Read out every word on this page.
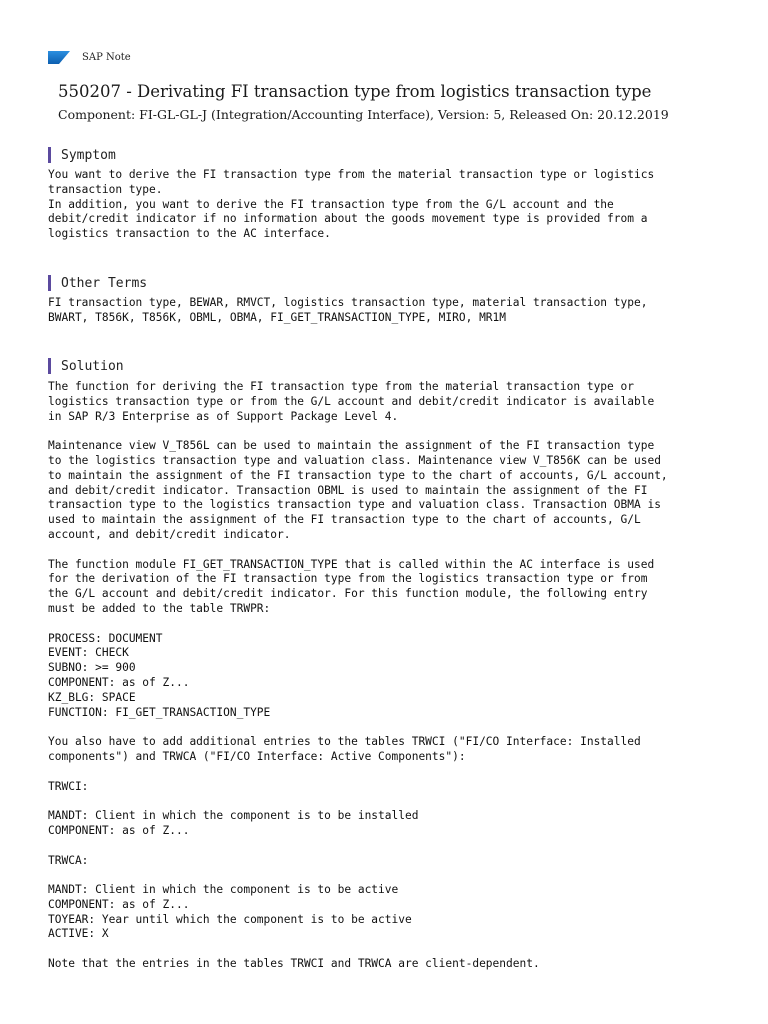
SAP Note
550207 - Derivating FI transaction type from logistics transaction type
Component: FI-GL-GL-J (Integration/Accounting Interface), Version: 5, Released On: 20.12.2019
Symptom
You want to derive the FI transaction type from the material transaction type or logistics
transaction type.
In addition, you want to derive the FI transaction type from the G/L account and the
debit/credit indicator if no information about the goods movement type is provided from a
logistics transaction to the AC interface.
Other Terms
FI transaction type, BEWAR, RMVCT, logistics transaction type, material transaction type,
BWART, T856K, T856K, OBML, OBMA, FI_GET_TRANSACTION_TYPE, MIRO, MR1M
Solution
The function for deriving the FI transaction type from the material transaction type or
logistics transaction type or from the G/L account and debit/credit indicator is available
in SAP R/3 Enterprise as of Support Package Level 4.
Maintenance view V_T856L can be used to maintain the assignment of the FI transaction type
to the logistics transaction type and valuation class. Maintenance view V_T856K can be used
to maintain the assignment of the FI transaction type to the chart of accounts, G/L account,
and debit/credit indicator. Transaction OBML is used to maintain the assignment of the FI
transaction type to the logistics transaction type and valuation class. Transaction OBMA is
used to maintain the assignment of the FI transaction type to the chart of accounts, G/L
account, and debit/credit indicator.
The function module FI_GET_TRANSACTION_TYPE that is called within the AC interface is used
for the derivation of the FI transaction type from the logistics transaction type or from
the G/L account and debit/credit indicator. For this function module, the following entry
must be added to the table TRWPR:
PROCESS: DOCUMENT
EVENT: CHECK
SUBNO: >= 900
COMPONENT: as of Z...
KZ_BLG: SPACE
FUNCTION: FI_GET_TRANSACTION_TYPE
You also have to add additional entries to the tables TRWCI ("FI/CO Interface: Installed
components") and TRWCA ("FI/CO Interface: Active Components"):
TRWCI:
MANDT: Client in which the component is to be installed
COMPONENT: as of Z...
TRWCA:
MANDT: Client in which the component is to be active
COMPONENT: as of Z...
TOYEAR: Year until which the component is to be active
ACTIVE: X
Note that the entries in the tables TRWCI and TRWCA are client-dependent.
